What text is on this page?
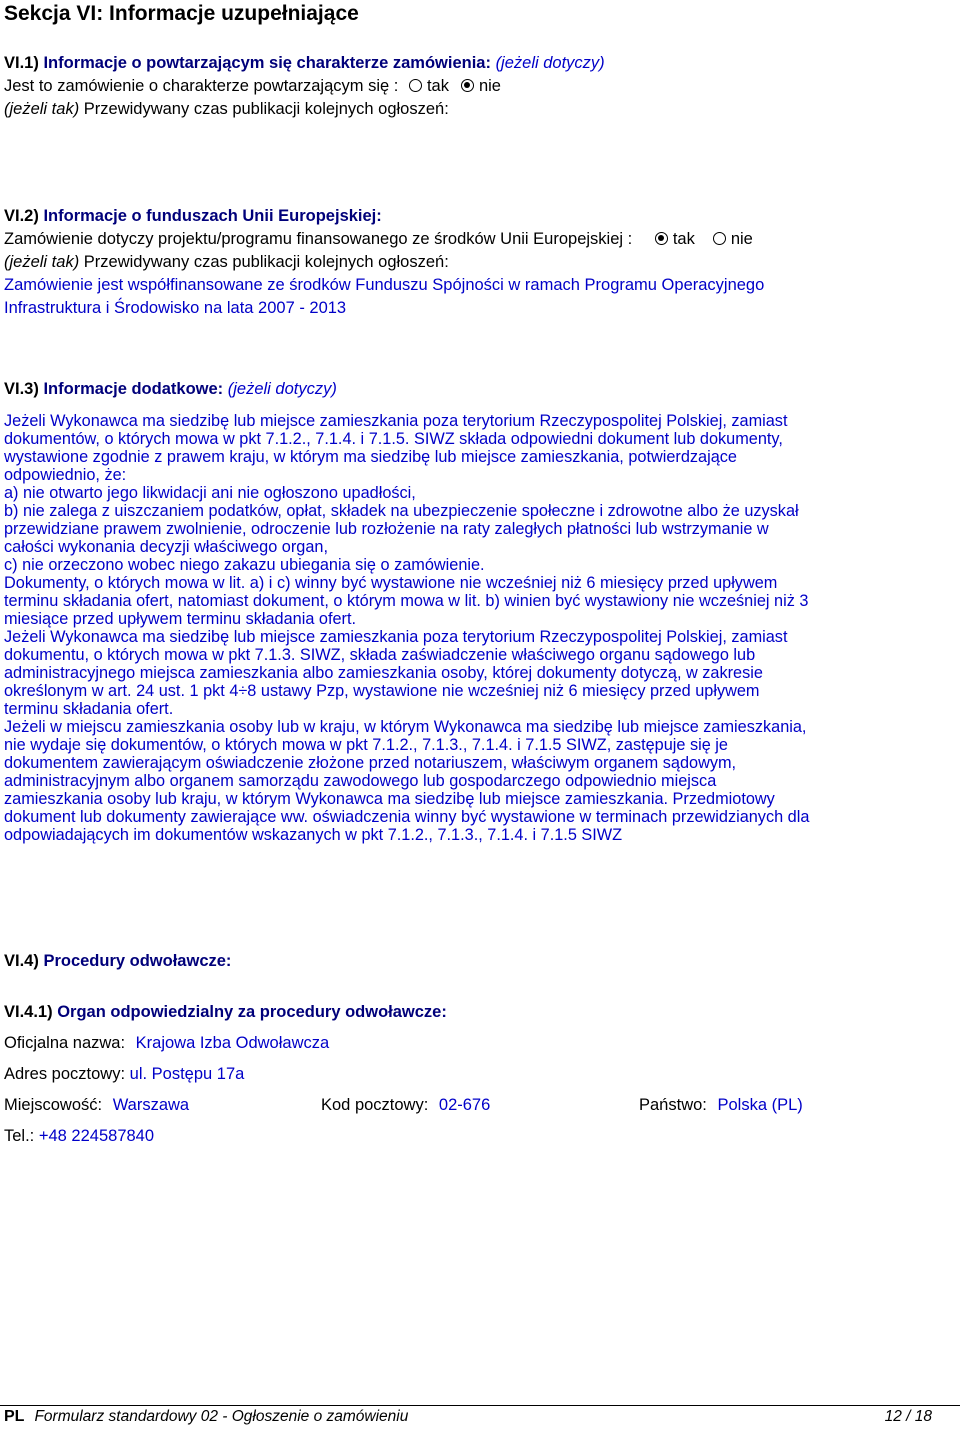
Sekcja VI: Informacje uzupełniające
VI.1) Informacje o powtarzającym się charakterze zamówienia: (jeżeli dotyczy)
Jest to zamówienie o charakterze powtarzającym się : tak nie
(jeżeli tak) Przewidywany czas publikacji kolejnych ogłoszeń:
VI.2) Informacje o funduszach Unii Europejskiej:
Zamówienie dotyczy projektu/programu finansowanego ze środków Unii Europejskiej : tak nie
(jeżeli tak) Przewidywany czas publikacji kolejnych ogłoszeń:
Zamówienie jest współfinansowane ze środków Funduszu Spójności w ramach Programu Operacyjnego
Infrastruktura i Środowisko na lata 2007 - 2013
VI.3) Informacje dodatkowe: (jeżeli dotyczy)
Jeżeli Wykonawca ma siedzibę lub miejsce zamieszkania poza terytorium Rzeczypospolitej Polskiej, zamiast
dokumentów, o których mowa w pkt 7.1.2., 7.1.4. i 7.1.5. SIWZ składa odpowiedni dokument lub dokumenty,
wystawione zgodnie z prawem kraju, w którym ma siedzibę lub miejsce zamieszkania, potwierdzające
odpowiednio, że:
a) nie otwarto jego likwidacji ani nie ogłoszono upadłości,
b) nie zalega z uiszczaniem podatków, opłat, składek na ubezpieczenie społeczne i zdrowotne albo że uzyskał
przewidziane prawem zwolnienie, odroczenie lub rozłożenie na raty zaległych płatności lub wstrzymanie w
całości wykonania decyzji właściwego organ,
c) nie orzeczono wobec niego zakazu ubiegania się o zamówienie.
Dokumenty, o których mowa w lit. a) i c) winny być wystawione nie wcześniej niż 6 miesięcy przed upływem
terminu składania ofert, natomiast dokument, o którym mowa w lit. b) winien być wystawiony nie wcześniej niż 3
miesiące przed upływem terminu składania ofert.
Jeżeli Wykonawca ma siedzibę lub miejsce zamieszkania poza terytorium Rzeczypospolitej Polskiej, zamiast
dokumentu, o których mowa w pkt 7.1.3. SIWZ, składa zaświadczenie właściwego organu sądowego lub
administracyjnego miejsca zamieszkania albo zamieszkania osoby, której dokumenty dotyczą, w zakresie
określonym w art. 24 ust. 1 pkt 4÷8 ustawy Pzp, wystawione nie wcześniej niż 6 miesięcy przed upływem
terminu składania ofert.
Jeżeli w miejscu zamieszkania osoby lub w kraju, w którym Wykonawca ma siedzibę lub miejsce zamieszkania,
nie wydaje się dokumentów, o których mowa w pkt 7.1.2., 7.1.3., 7.1.4. i 7.1.5 SIWZ, zastępuje się je
dokumentem zawierającym oświadczenie złożone przed notariuszem, właściwym organem sądowym,
administracyjnym albo organem samorządu zawodowego lub gospodarczego odpowiednio miejsca
zamieszkania osoby lub kraju, w którym Wykonawca ma siedzibę lub miejsce zamieszkania. Przedmiotowy
dokument lub dokumenty zawierające ww. oświadczenia winny być wystawione w terminach przewidzianych dla
odpowiadających im dokumentów wskazanych w pkt 7.1.2., 7.1.3., 7.1.4. i 7.1.5 SIWZ
VI.4) Procedury odwoławcze:
VI.4.1) Organ odpowiedzialny za procedury odwoławcze:
Oficjalna nazwa: Krajowa Izba Odwoławcza
Adres pocztowy: ul. Postępu 17a
Miejscowość: Warszawa	Kod pocztowy: 02-676	Państwo: Polska (PL)
Tel.: +48 224587840
PL Formularz standardowy 02 - Ogłoszenie o zamówieniu	12 / 18
